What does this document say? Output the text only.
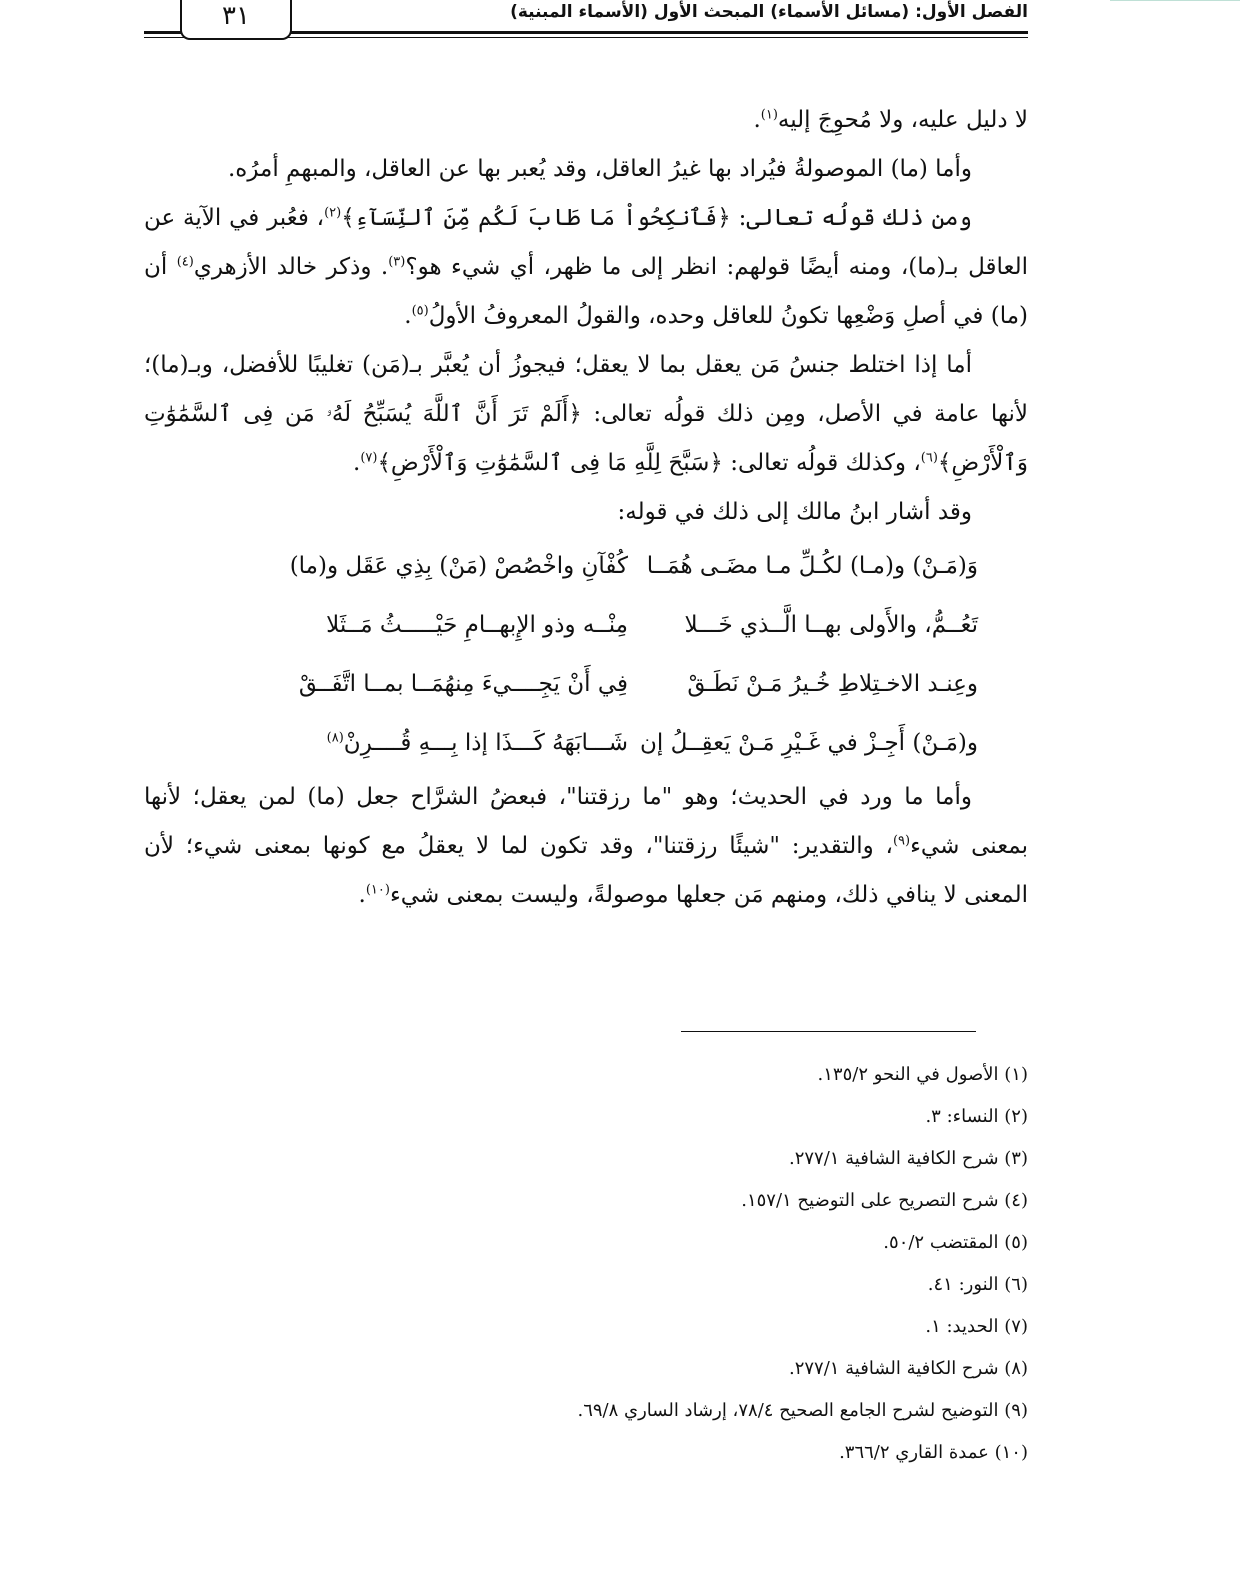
الفصل الأول: (مسائل الأسماء) المبحث الأول (الأسماء المبنية)
٣١

لا دليل عليه، ولا مُحوِجَ إليه$^{(١)}$.

وأما (ما) الموصولةُ فيُراد بها غيرُ العاقل، وقد يُعبر بها عن العاقل، والمبهمِ أمرُه.

ومن ذلك قولُه تعالى: ﴿فَٱنكِحُواْ مَا طَابَ لَكُم مِّنَ ٱلنِّسَآءِ﴾$^{(٢)}$، فعُبر في الآية عن العاقل بـ(ما)، ومنه أيضًا قولهم: انظر إلى ما ظهر، أي شيء هو؟$^{(٣)}$. وذكر خالد الأزهري$^{(٤)}$ أن (ما) في أصلِ وَضْعِها تكونُ للعاقل وحده، والقولُ المعروفُ الأولُ$^{(٥)}$.

أما إذا اختلط جنسُ مَن يعقل بما لا يعقل؛ فيجوزُ أن يُعبَّر بـ(مَن) تغليبًا للأفضل، وبـ(ما)؛ لأنها عامة في الأصل، ومِن ذلك قولُه تعالى: ﴿أَلَمْ تَرَ أَنَّ ٱللَّهَ يُسَبِّحُ لَهُۥ مَن فِى ٱلسَّمَٰوَٰتِ وَٱلْأَرْضِ﴾$^{(٦)}$، وكذلك قولُه تعالى: ﴿سَبَّحَ لِلَّهِ مَا فِى ٱلسَّمَٰوَٰتِ وَٱلْأَرْضِ﴾$^{(٧)}$.

وقد أشار ابنُ مالك إلى ذلك في قوله:

وَ(مَـنْ) و(مـا) لكُـلِّ مـا مضَـى هُمَــا
كُفْآنِ واخْصُصْ (مَنْ) بِذِي عَقَل و(ما)
تَعُــمُّ، والأَولى بهــا الَّــذي خَـــلا
مِنْــه وذو الإِبهــامِ حَيْـــــثُ مَــثَلا
وعِنـد الاخـتِلاطِ خُـيرُ مَـنْ نَطَـقْ
فِي أَنْ يَجِــــيءَ مِنهُمَــا بمــا اتَّفَــقْ
و(مَـنْ) أَجِـزْ في غَـيْرِ مَـنْ يَعقِــلُ إن
شَـــابَهَهُ كَـــذَا إذا بِـــهِ قُــــرِنْ$^{(٨)}$

وأما ما ورد في الحديث؛ وهو "ما رزقتنا"، فبعضُ الشرَّاح جعل (ما) لمن يعقل؛ لأنها بمعنى شيء$^{(٩)}$، والتقدير: "شيئًا رزقتنا"، وقد تكون لما لا يعقلُ مع كونها بمعنى شيء؛ لأن المعنى لا ينافي ذلك، ومنهم مَن جعلها موصولةً، وليست بمعنى شيء$^{(١٠)}$.

(١) الأصول في النحو ١٣٥/٢.
(٢) النساء: ٣.
(٣) شرح الكافية الشافية ٢٧٧/١.
(٤) شرح التصريح على التوضيح ١٥٧/١.
(٥) المقتضب ٥٠/٢.
(٦) النور: ٤١.
(٧) الحديد: ١.
(٨) شرح الكافية الشافية ٢٧٧/١.
(٩) التوضيح لشرح الجامع الصحيح ٧٨/٤، إرشاد الساري ٦٩/٨.
(١٠) عمدة القاري ٣٦٦/٢.
